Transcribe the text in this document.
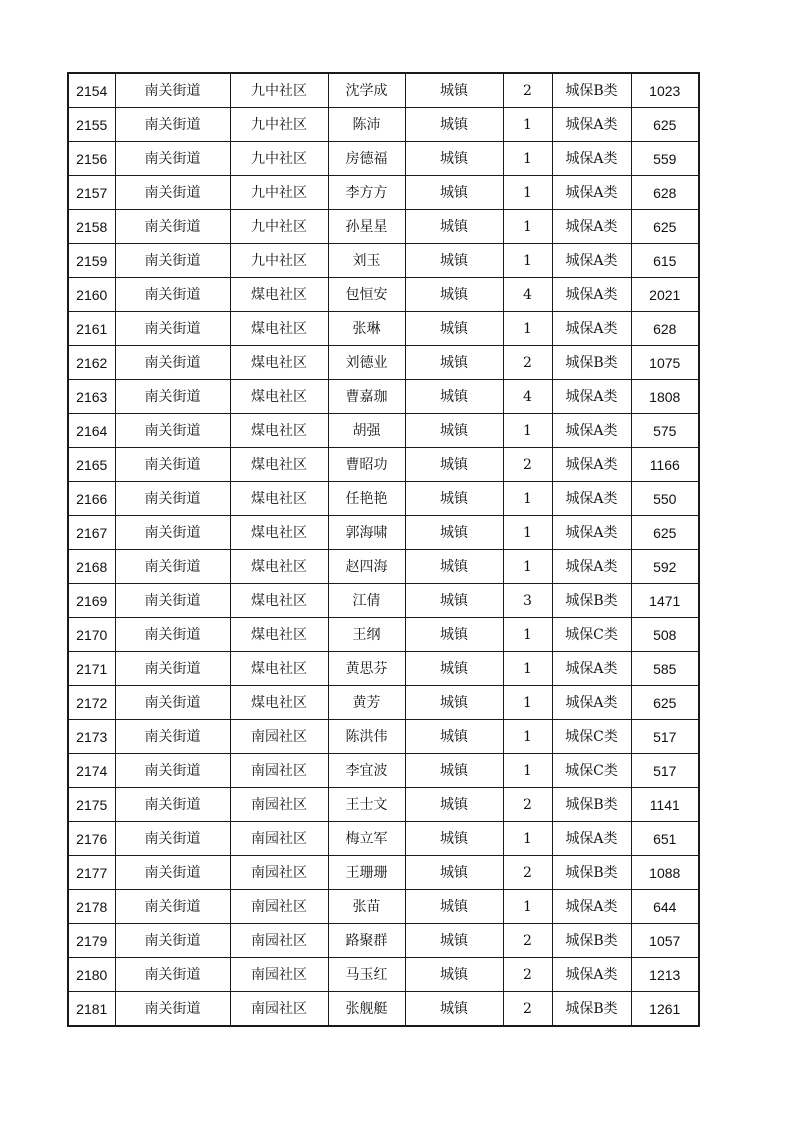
2154	南关街道	九中社区	沈学成	城镇	2	城保B类	1023
2155	南关街道	九中社区	陈沛	城镇	1	城保A类	625
2156	南关街道	九中社区	房德福	城镇	1	城保A类	559
2157	南关街道	九中社区	李方方	城镇	1	城保A类	628
2158	南关街道	九中社区	孙星星	城镇	1	城保A类	625
2159	南关街道	九中社区	刘玉	城镇	1	城保A类	615
2160	南关街道	煤电社区	包恒安	城镇	4	城保A类	2021
2161	南关街道	煤电社区	张琳	城镇	1	城保A类	628
2162	南关街道	煤电社区	刘德业	城镇	2	城保B类	1075
2163	南关街道	煤电社区	曹嘉珈	城镇	4	城保A类	1808
2164	南关街道	煤电社区	胡强	城镇	1	城保A类	575
2165	南关街道	煤电社区	曹昭功	城镇	2	城保A类	1166
2166	南关街道	煤电社区	任艳艳	城镇	1	城保A类	550
2167	南关街道	煤电社区	郭海啸	城镇	1	城保A类	625
2168	南关街道	煤电社区	赵四海	城镇	1	城保A类	592
2169	南关街道	煤电社区	江倩	城镇	3	城保B类	1471
2170	南关街道	煤电社区	王纲	城镇	1	城保C类	508
2171	南关街道	煤电社区	黄思芬	城镇	1	城保A类	585
2172	南关街道	煤电社区	黄芳	城镇	1	城保A类	625
2173	南关街道	南园社区	陈洪伟	城镇	1	城保C类	517
2174	南关街道	南园社区	李宜波	城镇	1	城保C类	517
2175	南关街道	南园社区	王士文	城镇	2	城保B类	1141
2176	南关街道	南园社区	梅立军	城镇	1	城保A类	651
2177	南关街道	南园社区	王珊珊	城镇	2	城保B类	1088
2178	南关街道	南园社区	张苗	城镇	1	城保A类	644
2179	南关街道	南园社区	路聚群	城镇	2	城保B类	1057
2180	南关街道	南园社区	马玉红	城镇	2	城保A类	1213
2181	南关街道	南园社区	张舰艇	城镇	2	城保B类	1261
